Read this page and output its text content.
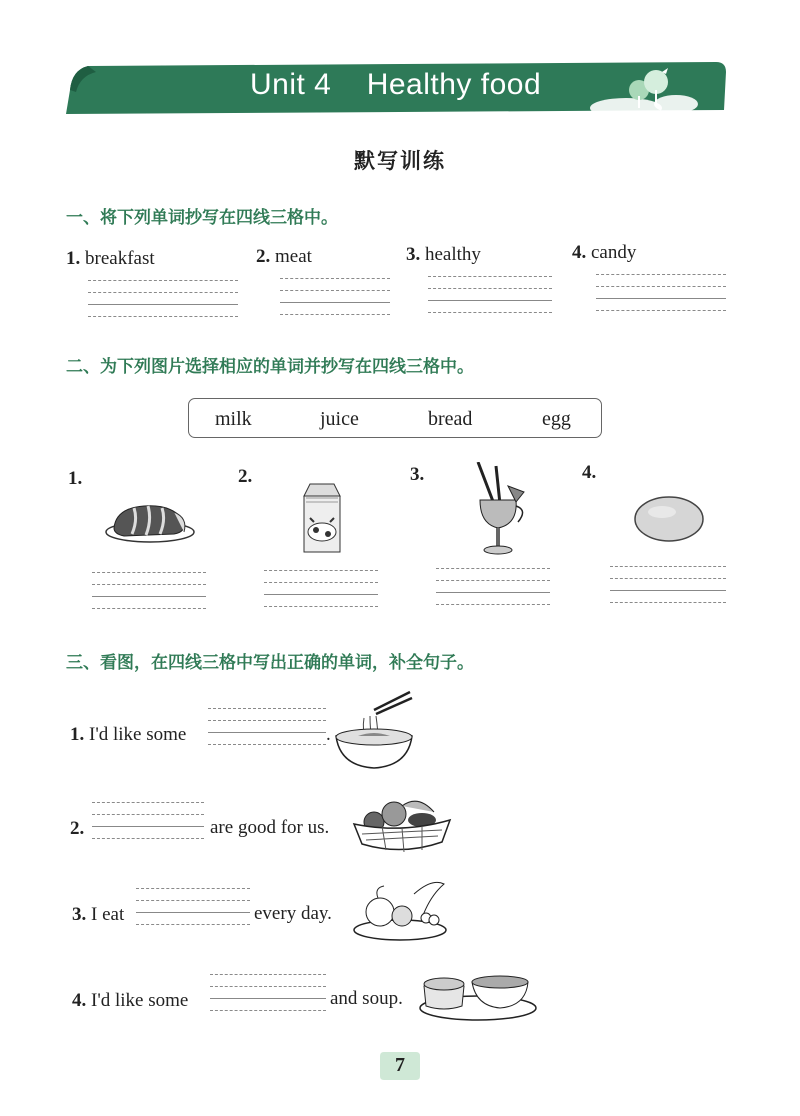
Unit 4    Healthy food
默写训练
一、将下列单词抄写在四线三格中。
1. breakfast	2. meat	3. healthy	4. candy
二、为下列图片选择相应的单词并抄写在四线三格中。
milk	juice	bread	egg
1.	2.	3.	4.
三、看图，在四线三格中写出正确的单词，补全句子。
1. I'd like some	.
2.	are good for us.
3. I eat	every day.
4. I'd like some	and soup.
7
